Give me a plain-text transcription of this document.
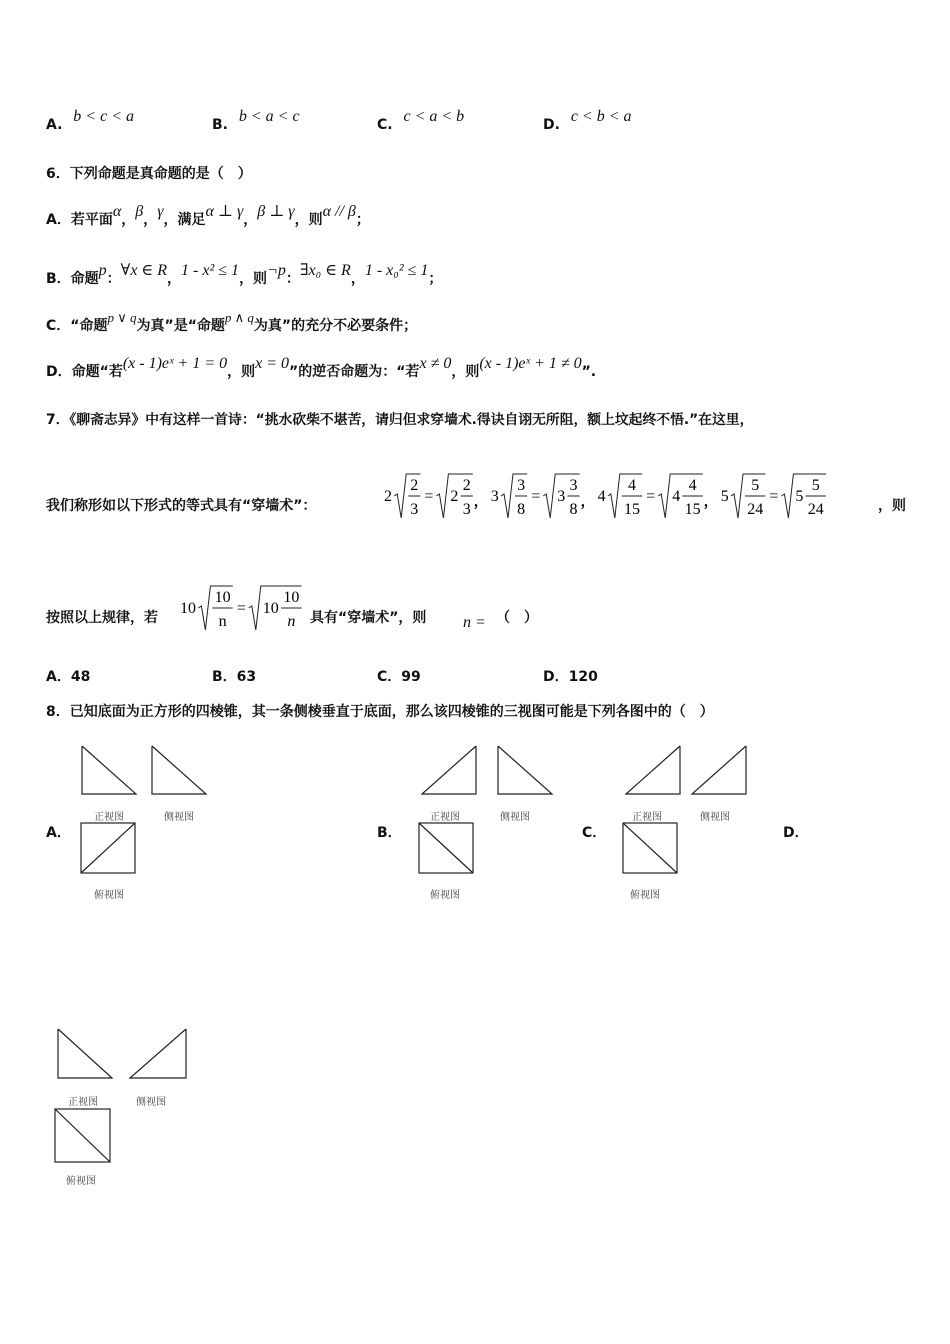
A. b < c < a	B. b < a < c	C. c < a < b	D. c < b < a
6．下列命题是真命题的是（　）
A．若平面α，β，γ，满足α ⊥ γ，β ⊥ γ，则α // β；
B．命题p：∀x ∈ R，1 - x² ≤ 1，则¬p：∃x₀ ∈ R，1 - x₀² ≤ 1；
C．“命题p ∨ q为真”是“命题p ∧ q为真”的充分不必要条件；
D．命题“若(x - 1)eˣ + 1 = 0，则x = 0”的逆否命题为：“若x ≠ 0，则(x - 1)eˣ + 1 ≠ 0”.
7．《聊斋志异》中有这样一首诗：“挑水砍柴不堪苦，请归但求穿墙术.得诀自诩无所阻，额上坟起终不悟.”在这里，
我们称形如以下形式的等式具有“穿墙术”：
2
2
3
= 2
2
3 ， 3
3
8
= 3
3
8 ， 4
4
15
= 4
4
15 ， 5
5
24
= 5
5
24	，则
按照以上规律，若
10
10
n
= 10
10
n 具有“穿墙术”，则 n = （　）
A．48	B．63	C．99	D．120
8．已知底面为正方形的四棱锥，其一条侧棱垂直于底面，那么该四棱锥的三视图可能是下列各图中的（　）
A．	B．	C．	D．
正视图	侧视图
俯视图
正视图	侧视图
俯视图
正视图	侧视图
俯视图
正视图	侧视图
俯视图
